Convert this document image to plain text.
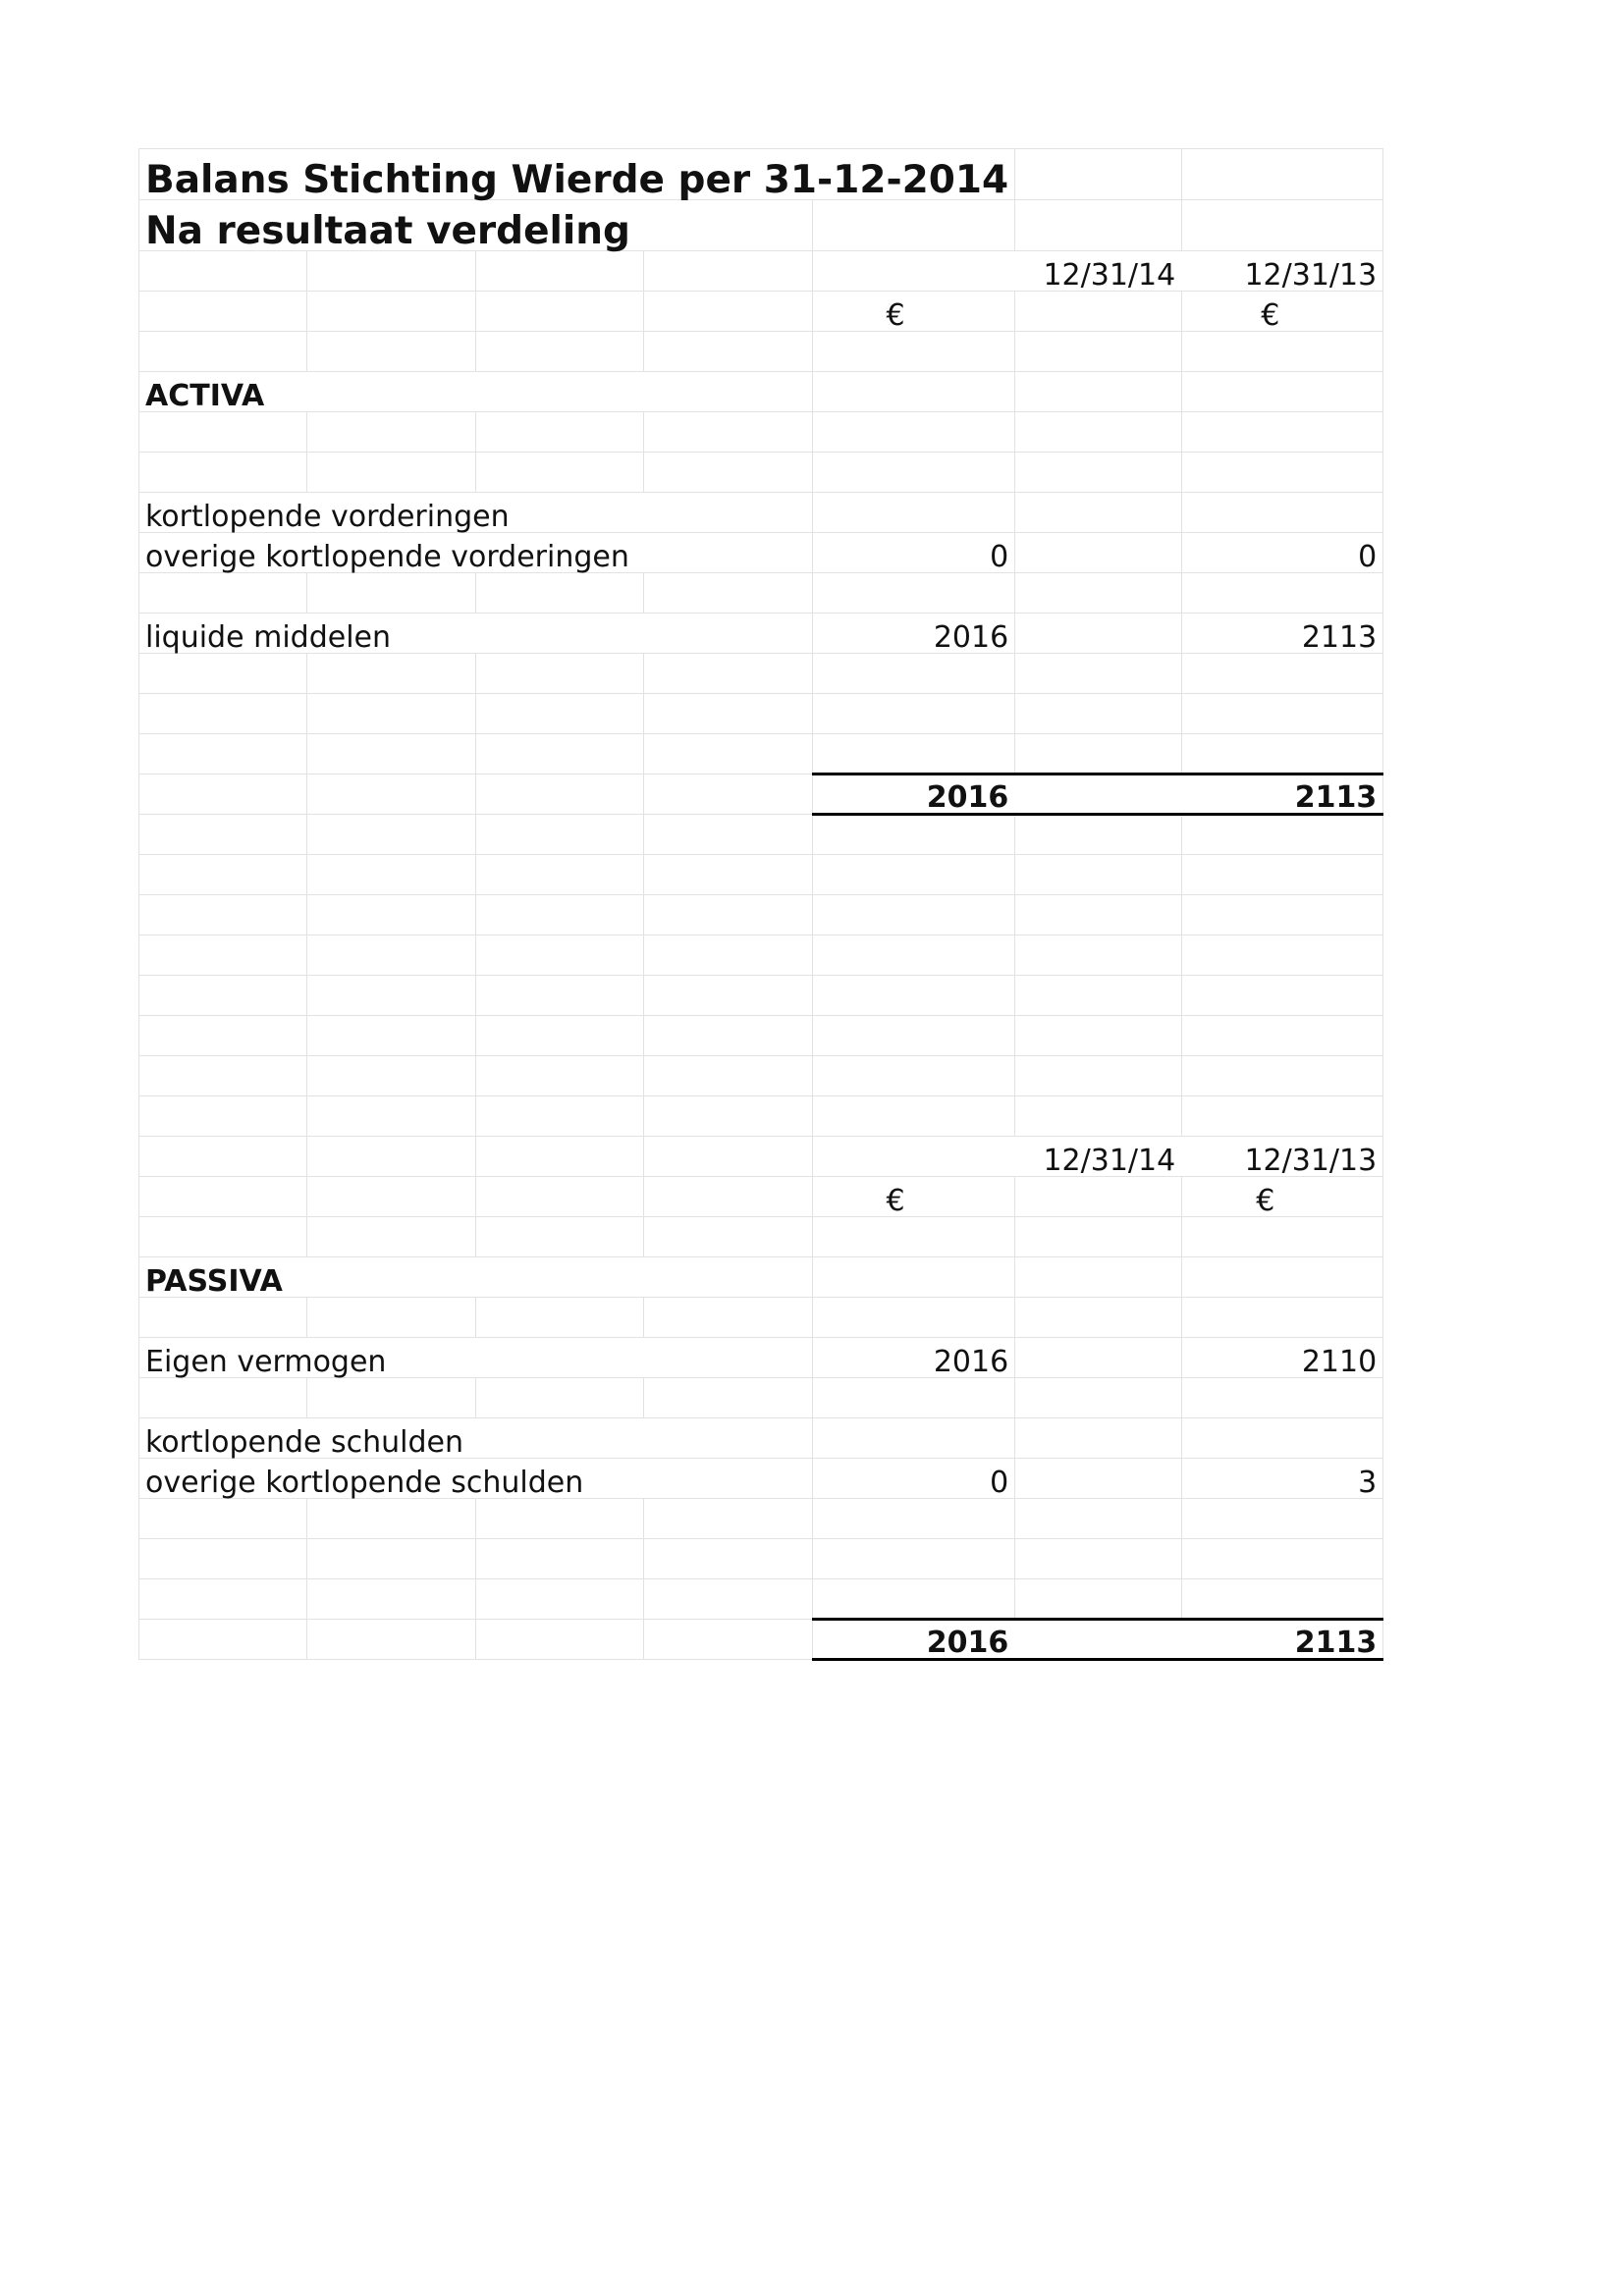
Balans Stichting Wierde per 31-12-2014						
Na resultaat verdeling						
				12/31/14		12/31/13
				€		€

ACTIVA						

kortlopende vorderingen						
overige kortlopende vorderingen				0		0

liquide middelen				2016		2113

				2016		2113

				12/31/14		12/31/13
				€		€

PASSIVA						

Eigen vermogen				2016		2110

kortlopende schulden						
overige kortlopende schulden				0		3

				2016		2113
